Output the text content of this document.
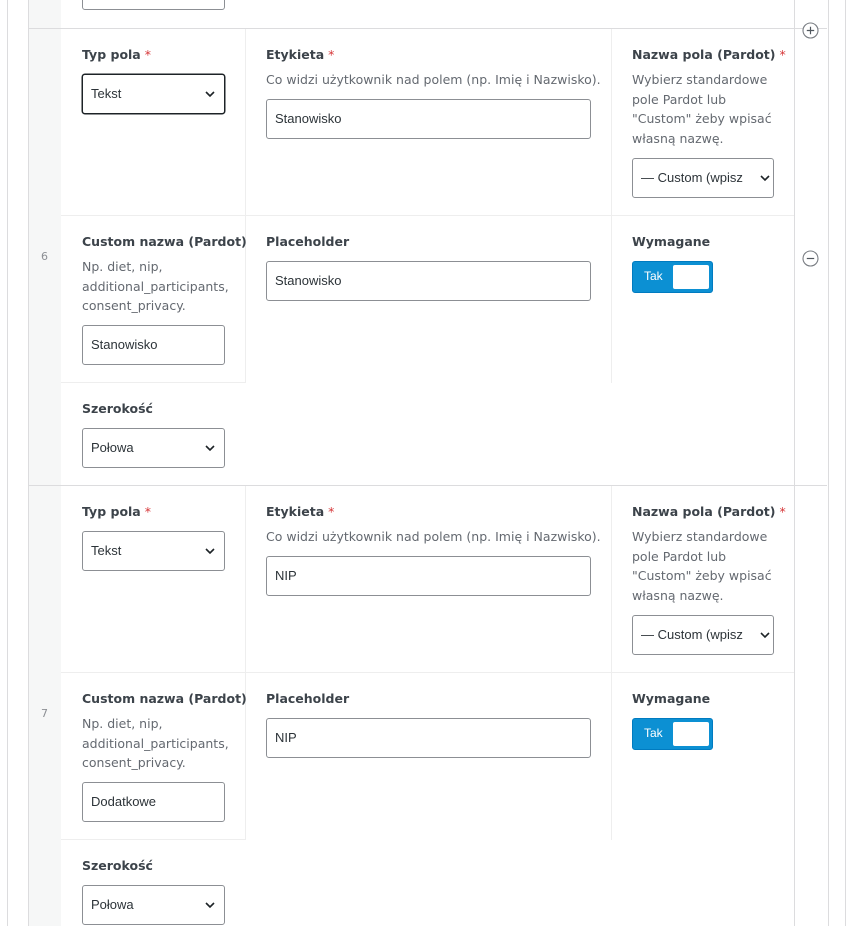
6
Typ pola *
Tekst
Etykieta *
Co widzi użytkownik nad polem (np. Imię i Nazwisko).
Stanowisko
Nazwa pola (Pardot) *
Wybierz standardowe
pole Pardot lub
"Custom" żeby wpisać
własną nazwę.
— Custom (wpisz
Custom nazwa (Pardot)
Np. diet, nip,
additional_participants,
consent_privacy.
Stanowisko
Placeholder
Stanowisko
Wymagane
Tak
Szerokość
Połowa
7
Typ pola *
Tekst
Etykieta *
Co widzi użytkownik nad polem (np. Imię i Nazwisko).
NIP
Nazwa pola (Pardot) *
Wybierz standardowe
pole Pardot lub
"Custom" żeby wpisać
własną nazwę.
— Custom (wpisz
Custom nazwa (Pardot)
Np. diet, nip,
additional_participants,
consent_privacy.
Dodatkowe
Placeholder
NIP
Wymagane
Tak
Szerokość
Połowa
